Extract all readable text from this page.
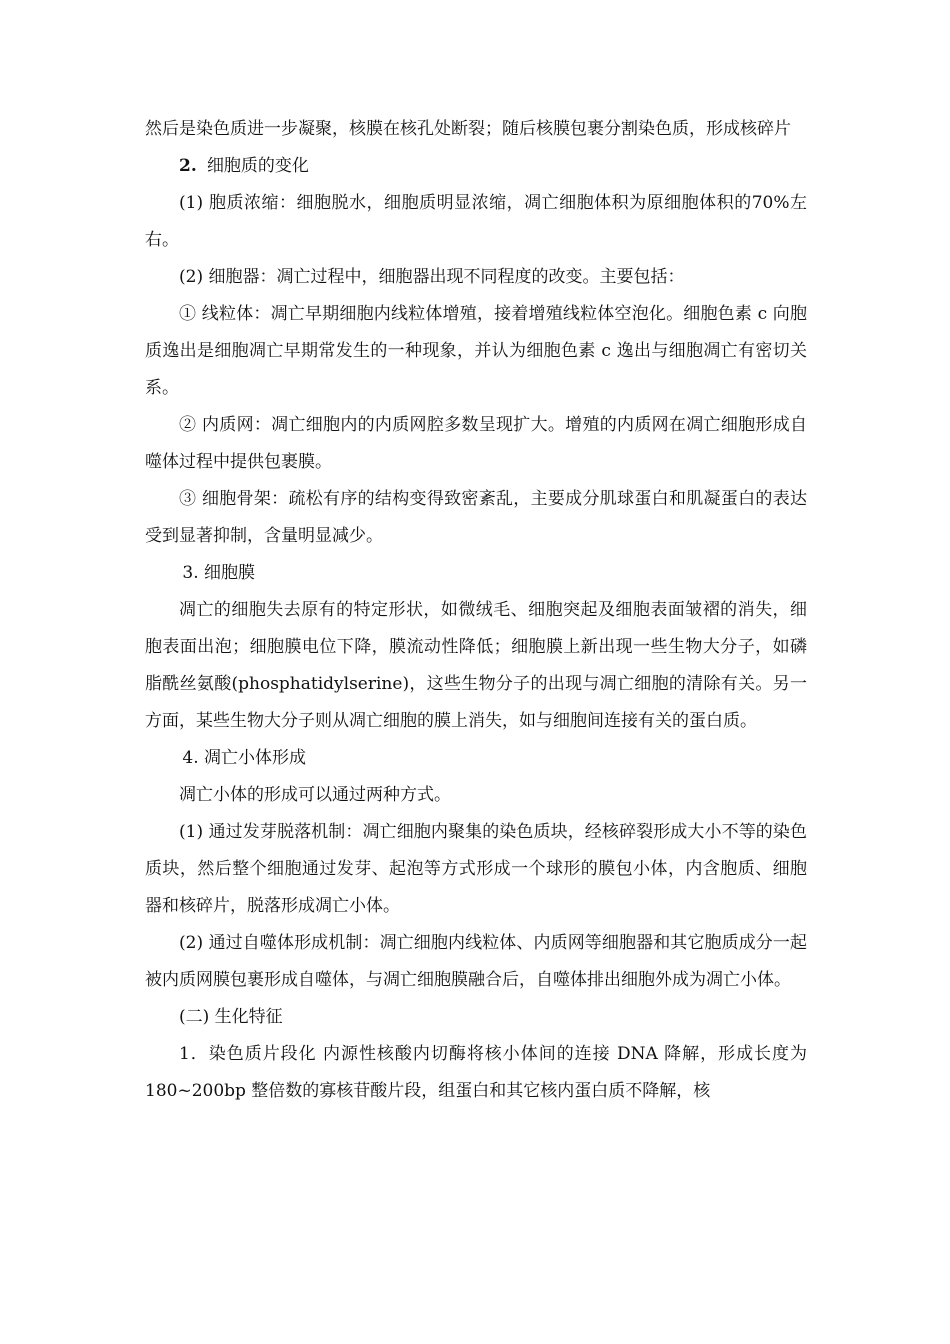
然后是染色质进一步凝聚，核膜在核孔处断裂；随后核膜包裹分割染色质，形成核碎片

2. 细胞质的变化

(1) 胞质浓缩：细胞脱水，细胞质明显浓缩，凋亡细胞体积为原细胞体积的70%左右。

(2) 细胞器：凋亡过程中，细胞器出现不同程度的改变。主要包括：

① 线粒体：凋亡早期细胞内线粒体增殖，接着增殖线粒体空泡化。细胞色素 c 向胞质逸出是细胞凋亡早期常发生的一种现象，并认为细胞色素 c 逸出与细胞凋亡有密切关系。

② 内质网：凋亡细胞内的内质网腔多数呈现扩大。增殖的内质网在凋亡细胞形成自噬体过程中提供包裹膜。

③ 细胞骨架：疏松有序的结构变得致密紊乱，主要成分肌球蛋白和肌凝蛋白的表达受到显著抑制，含量明显减少。

3. 细胞膜

凋亡的细胞失去原有的特定形状，如微绒毛、细胞突起及细胞表面皱褶的消失，细胞表面出泡；细胞膜电位下降，膜流动性降低；细胞膜上新出现一些生物大分子，如磷脂酰丝氨酸(phosphatidylserine)，这些生物分子的出现与凋亡细胞的清除有关。另一方面，某些生物大分子则从凋亡细胞的膜上消失，如与细胞间连接有关的蛋白质。

4. 凋亡小体形成

凋亡小体的形成可以通过两种方式。

(1) 通过发芽脱落机制：凋亡细胞内聚集的染色质块，经核碎裂形成大小不等的染色质块，然后整个细胞通过发芽、起泡等方式形成一个球形的膜包小体，内含胞质、细胞器和核碎片，脱落形成凋亡小体。

(2) 通过自噬体形成机制：凋亡细胞内线粒体、内质网等细胞器和其它胞质成分一起被内质网膜包裹形成自噬体，与凋亡细胞膜融合后，自噬体排出细胞外成为凋亡小体。

(二) 生化特征

1．染色质片段化 内源性核酸内切酶将核小体间的连接 DNA 降解，形成长度为 180~200bp 整倍数的寡核苷酸片段，组蛋白和其它核内蛋白质不降解，核
